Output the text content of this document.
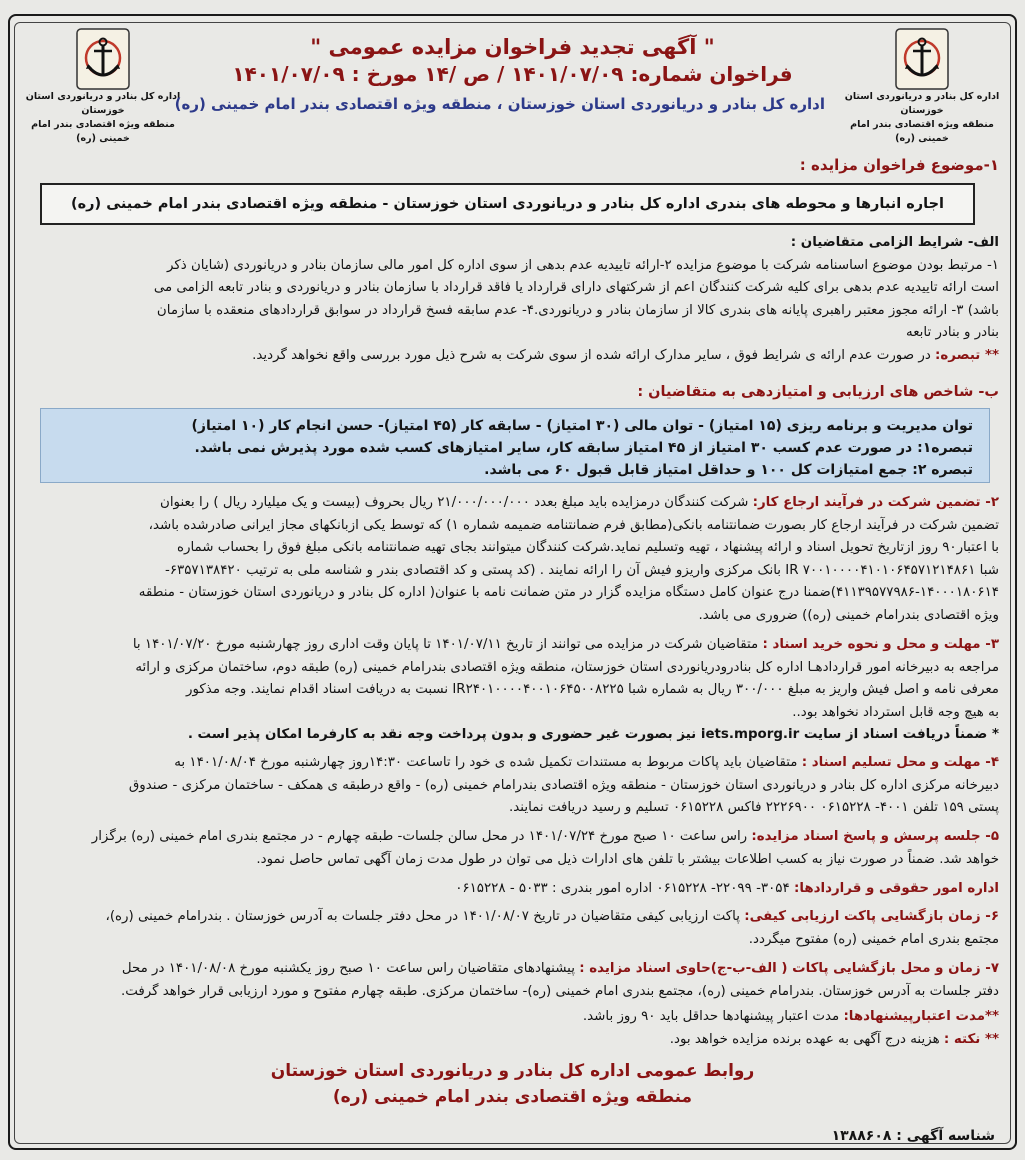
اداره کل بنادر و دریانوردی استان خوزستان
منطقه ویژه اقتصادی بندر امام خمینی (ره)
اداره کل بنادر و دریانوردی استان خوزستان
منطقه ویژه اقتصادی بندر امام خمینی (ره)
" آگهی تجدید فراخوان مزایده عمومی "
فراخوان شماره: ۱۴۰۱/۰۷/۰۹ / ص /۱۴ مورخ : ۱۴۰۱/۰۷/۰۹
اداره کل بنادر و دریانوردی استان خوزستان ، منطقه ویژه اقتصادی بندر امام خمینی (ره)
۱-موضوع فراخوان مزایده :
اجاره انبارها و محوطه های بندری اداره کل بنادر و دریانوردی استان خوزستان - منطقه ویژه اقتصادی بندر امام خمینی (ره)
الف- شرایط الزامی متقاضیان :
۱- مرتبط بودن موضوع اساسنامه شرکت با موضوع مزایده ۲-ارائه تاییدیه عدم بدهی از سوی اداره کل امور مالی سازمان بنادر و دریانوردی (شایان ذکر
است ارائه تاییدیه عدم بدهی برای کلیه شرکت کنندگان اعم از شرکتهای دارای قرارداد یا فاقد قرارداد با سازمان بنادر و دریانوردی و بنادر تابعه الزامی می
باشد) ۳- ارائه مجوز معتبر راهبری پایانه های بندری کالا از سازمان بنادر و دریانوردی.۴- عدم سابقه فسخ قرارداد در سوابق قراردادهای منعقده با سازمان
بنادر و بنادر تابعه
** تبصره: در صورت عدم ارائه ی شرایط فوق ، سایر مدارک ارائه شده از سوی شرکت به شرح ذیل مورد بررسی واقع نخواهد گردید.
ب- شاخص های ارزیابی و امتیازدهی به متقاضیان :
توان مدیریت و برنامه ریزی (۱۵ امتیاز) - توان مالی (۳۰ امتیاز) - سابقه کار (۴۵ امتیاز)- حسن انجام کار (۱۰ امتیاز)
تبصره۱: در صورت عدم کسب ۳۰ امتیاز از ۴۵ امتیاز سابقه کار، سایر امتیازهای کسب شده مورد پذیرش نمی باشد.
تبصره ۲: جمع امتیازات کل ۱۰۰ و حداقل امتیاز قابل قبول ۶۰ می باشد.
۲- تضمین شرکت در فرآیند ارجاع کار: شرکت کنندگان درمزایده باید مبلغ بعدد ۲۱/۰۰۰/۰۰۰/۰۰۰ ریال بحروف (بیست و یک میلیارد ریال ) را بعنوان
تضمین شرکت در فرآیند ارجاع کار بصورت ضمانتنامه بانکی(مطابق فرم ضمانتنامه ضمیمه شماره ۱) که توسط یکی ازبانکهای مجاز ایرانی صادرشده باشد،
با اعتبار۹۰ روز ازتاریخ تحویل اسناد و ارائه پیشنهاد ، تهیه وتسلیم نماید.شرکت کنندگان میتوانند بجای تهیه ضمانتنامه بانکی مبلغ فوق را بحساب شماره
شبا IR ۷۰۰۱۰۰۰۰۴۱۰۱۰۶۴۵۷۱۲۱۴۸۶۱ بانک مرکزی واریزو فیش آن را ارائه نمایند . (کد پستی و کد اقتصادی بندر و شناسه ملی به ترتیب ۶۳۵۷۱۳۸۴۲۰-
۴۱۱۳۹۵۷۷۹۸۶-۱۴۰۰۰۱۸۰۶۱۴)ضمنا درج عنوان کامل دستگاه مزایده گزار در متن ضمانت نامه با عنوان( اداره کل بنادر و دریانوردی استان خوزستان - منطقه
ویژه اقتصادی بندرامام خمینی (ره)) ضروری می باشد.
۳- مهلت و محل و نحوه خرید اسناد : متقاضیان شرکت در مزایده می توانند از تاریخ ۱۴۰۱/۰۷/۱۱ تا پایان وقت اداری روز چهارشنبه مورخ ۱۴۰۱/۰۷/۲۰ با
مراجعه به دبیرخانه امور قراردادهـا اداره کل بنادرودریانوردی استان خوزستان، منطقه ویژه اقتصادی بندرامام خمینی (ره) طبقه دوم، ساختمان مرکزی و ارائه
معرفی نامه و اصل فیش واریز به مبلغ ۳۰۰/۰۰۰ ریال به شماره شبا IR۲۴۰۱۰۰۰۰۴۰۰۱۰۶۴۵۰۰۸۲۲۵ نسبت به دریافت اسناد اقدام نمایند. وجه مذکور
به هیچ وجه قابل استرداد نخواهد بود..
* ضمناً دریافت اسناد از سایت iets.mporg.ir نیز بصورت غیر حضوری و بدون پرداخت وجه نقد به کارفرما امکان پذیر است .
۴- مهلت و محل تسلیم اسناد : متقاضیان باید پاکات مربوط به مستندات تکمیل شده ی خود را تاساعت ۱۴:۳۰روز چهارشنبه مورخ ۱۴۰۱/۰۸/۰۴ به
دبیرخانه مرکزی اداره کل بنادر و دریانوردی استان خوزستان - منطقه ویژه اقتصادی بندرامام خمینی (ره) - واقع درطبقه ی همکف - ساختمان مرکزی - صندوق
پستی ۱۵۹ تلفن ۴۰۰۱- ۰۶۱۵۲۲۸ ۲۲۲۶۹۰۰ فاکس ۰۶۱۵۲۲۸ تسلیم و رسید دریافت نمایند.
۵- جلسه پرسش و پاسخ اسناد مزایده: راس ساعت ۱۰ صبح مورخ ۱۴۰۱/۰۷/۲۴ در محل سالن جلسات- طبقه چهارم - در مجتمع بندری امام خمینی (ره) برگزار
خواهد شد. ضمناً در صورت نیاز به کسب اطلاعات بیشتر با تلفن های ادارات ذیل می توان در طول مدت زمان آگهی تماس حاصل نمود.
اداره امور حقوقی و قراردادها: ۳۰۵۴- ۲۲۰۹۹- ۰۶۱۵۲۲۸ اداره امور بندری : ۵۰۳۳ - ۰۶۱۵۲۲۸
۶- زمان بازگشایی پاکت ارزیابی کیفی: پاکت ارزیابی کیفی متقاضیان در تاریخ ۱۴۰۱/۰۸/۰۷ در محل دفتر جلسات به آدرس خوزستان . بندرامام خمینی (ره)،
مجتمع بندری امام خمینی (ره) مفتوح میگردد.
۷- زمان و محل بازگشایی پاکات ( الف-ب-ج)حاوی اسناد مزایده : پیشنهادهای متقاضیان راس ساعت ۱۰ صبح روز یکشنبه مورخ ۱۴۰۱/۰۸/۰۸ در محل
دفتر جلسات به آدرس خوزستان. بندرامام خمینی (ره)، مجتمع بندری امام خمینی (ره)- ساختمان مرکزی. طبقه چهارم مفتوح و مورد ارزیابی قرار خواهد گرفت.
**مدت اعتبارپیشنهادها: مدت اعتبار پیشنهادها حداقل باید ۹۰ روز باشد.
** نکته : هزینه درج آگهی به عهده برنده مزایده خواهد بود.
روابط عمومی اداره کل بنادر و دریانوردی استان خوزستان
منطقه ویژه اقتصادی بندر امام خمینی (ره)
شناسه آگهی : ۱۳۸۸۶۰۸
